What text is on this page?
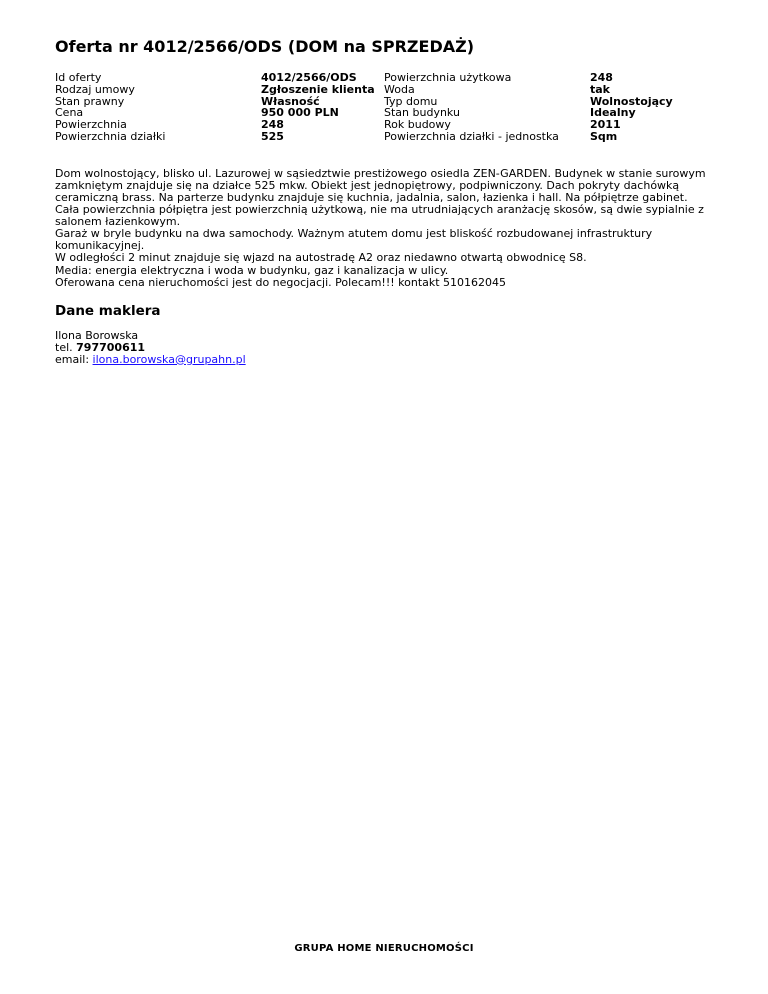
Oferta nr 4012/2566/ODS (DOM na SPRZEDAŻ)
Id oferty
Rodzaj umowy
Stan prawny
Cena
Powierzchnia
Powierzchnia działki
4012/2566/ODS
Zgłoszenie klienta
Własność
950 000 PLN
248
525
Powierzchnia użytkowa
Woda
Typ domu
Stan budynku
Rok budowy
Powierzchnia działki - jednostka
248
tak
Wolnostojący
Idealny
2011
Sqm

Dom wolnostojący, blisko ul. Lazurowej w sąsiedztwie prestiżowego osiedla ZEN-GARDEN. Budynek w stanie surowym zamkniętym znajduje się na działce 525 mkw. Obiekt jest jednopiętrowy, podpiwniczony. Dach pokryty dachówką ceramiczną brass. Na parterze budynku znajduje się kuchnia, jadalnia, salon, łazienka i hall. Na półpiętrze gabinet.

Cała powierzchnia półpiętra jest powierzchnią użytkową, nie ma utrudniających aranżację skosów, są dwie sypialnie z salonem łazienkowym.

Garaż w bryle budynku na dwa samochody. Ważnym atutem domu jest bliskość rozbudowanej infrastruktury komunikacyjnej.

W odległości 2 minut znajduje się wjazd na autostradę A2 oraz niedawno otwartą obwodnicę S8.

Media: energia elektryczna i woda w budynku, gaz i kanalizacja w ulicy.

Oferowana cena nieruchomości jest do negocjacji. Polecam!!! kontakt 510162045

Dane maklera
Ilona Borowska
tel. 797700611
email: ilona.borowska@grupahn.pl
GRUPA HOME NIERUCHOMOŚCI
